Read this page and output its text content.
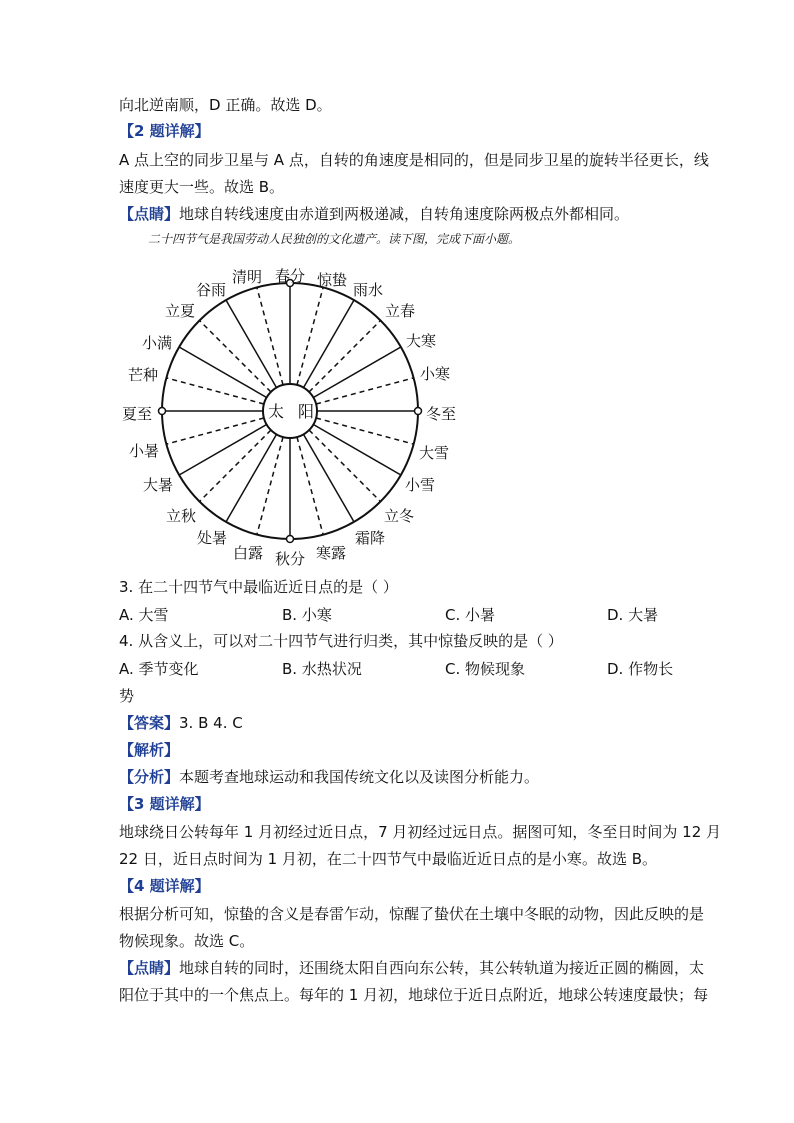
向北逆南顺，D 正确。故选 D。
【2 题详解】
A 点上空的同步卫星与 A 点，自转的角速度是相同的，但是同步卫星的旋转半径更长，线
速度更大一些。故选 B。
【点睛】地球自转线速度由赤道到两极递减，自转角速度除两极点外都相同。
二十四节气是我国劳动人民独创的文化遗产。读下图，完成下面小题。
太 阳
春分 惊蛰
雨水
立春
大寒
小寒
冬至
大雪
小雪
立冬
霜降
寒露
秋分
白露
处暑
立秋
大暑
小暑
夏至
芒种
小满
立夏
谷雨
清明
3. 在二十四节气中最临近近日点的是（ ）
A. 大雪	B. 小寒	C. 小暑	D. 大暑
4. 从含义上，可以对二十四节气进行归类，其中惊蛰反映的是（ ）
A. 季节变化	B. 水热状况	C. 物候现象	D. 作物长
势
【答案】3. B 4. C
【解析】
【分析】本题考查地球运动和我国传统文化以及读图分析能力。
【3 题详解】
地球绕日公转每年 1 月初经过近日点，7 月初经过远日点。据图可知，冬至日时间为 12 月
22 日，近日点时间为 1 月初，在二十四节气中最临近近日点的是小寒。故选 B。
【4 题详解】
根据分析可知，惊蛰的含义是春雷乍动，惊醒了蛰伏在土壤中冬眠的动物，因此反映的是
物候现象。故选 C。
【点睛】地球自转的同时，还围绕太阳自西向东公转，其公转轨道为接近正圆的椭圆，太
阳位于其中的一个焦点上。每年的 1 月初，地球位于近日点附近，地球公转速度最快；每
